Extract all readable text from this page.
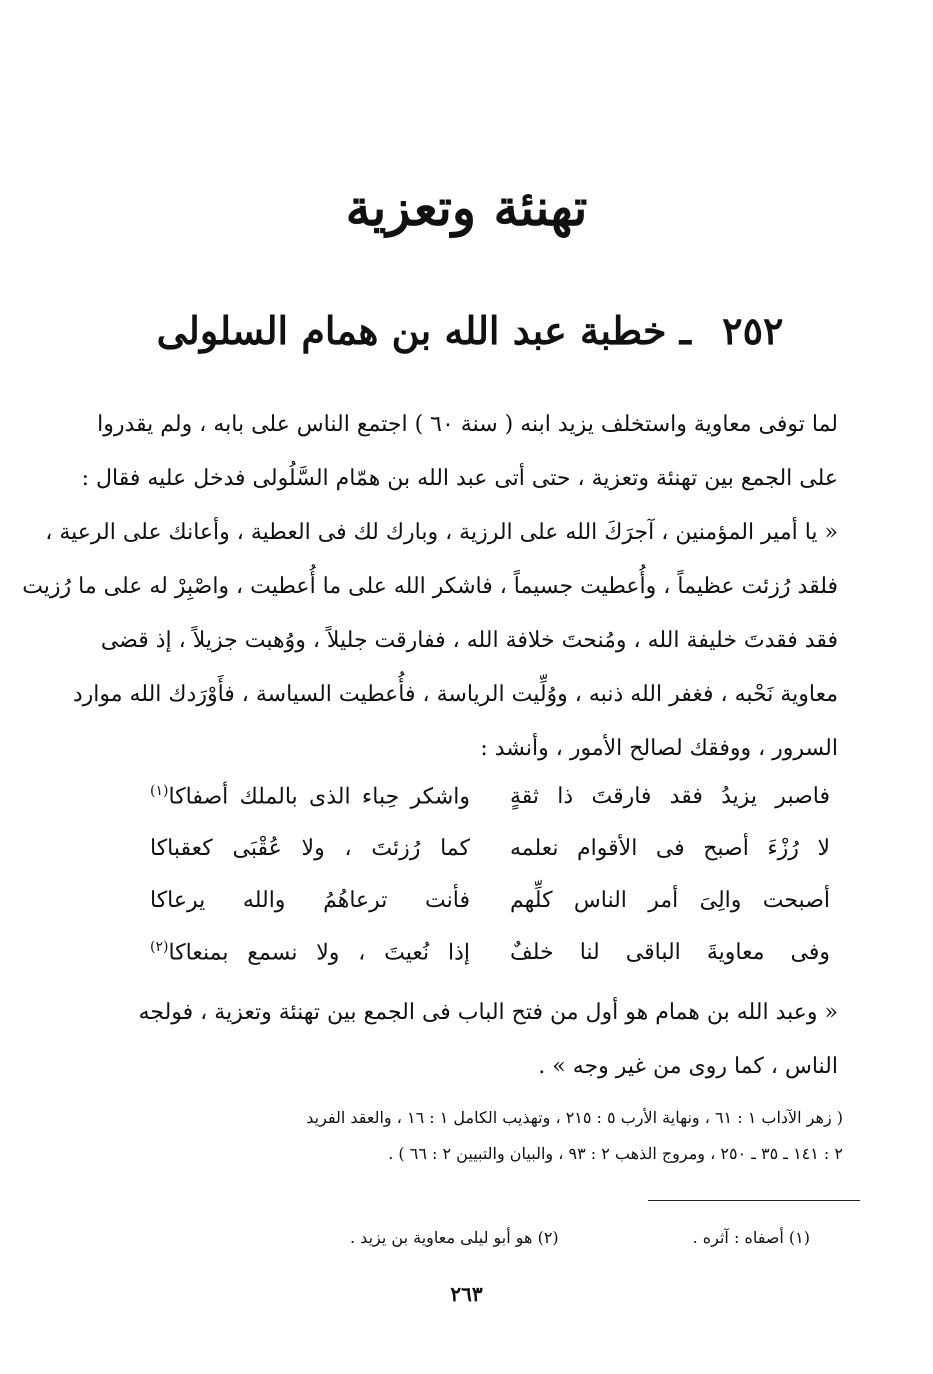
تهنئة وتعزية
٢٥٢ ـ خطبة عبد الله بن همام السلولى
لما توفى معاوية واستخلف يزيد ابنه ( سنة ٦٠ ) اجتمع الناس على بابه ، ولم يقدروا
على الجمع بين تهنئة وتعزية ، حتى أتى عبد الله بن همّام السَّلُولى فدخل عليه فقال :
« يا أمير المؤمنين ، آجرَكَ الله على الرزية ، وبارك لك فى العطية ، وأعانك على الرعية ،
فلقد رُزئت عظيماً ، وأُعطيت جسيماً ، فاشكر الله على ما أُعطيت ، واصْبِرْ له على ما رُزيت
فقد فقدتَ خليفة الله ، ومُنحتَ خلافة الله ، ففارقت جليلاً ، ووُهبت جزيلاً ، إذ قضى
معاوية نَحْبه ، فغفر الله ذنبه ، ووُلِّيت الرياسة ، فأُعطيت السياسة ، فأَوْرَدك الله موارد
السرور ، ووفقك لصالح الأمور ، وأنشد :
فاصبر يزيدُ فقد فارقتَ ذا ثقةٍ
واشكر حِباء الذى بالملك أصفاكا$^{(١)}$
لا رُزْءَ أصبح فى الأقوام نعلمه
كما رُزئتَ ، ولا عُقْبَى كعقباكا
أصبحت والِىَ أمر الناس كلِّهم
فأنت ترعاهُمُ والله يرعاكا
وفى معاويةَ الباقى لنا خلفٌ
إذا نُعيتَ ، ولا نسمع بمنعاكا$^{(٢)}$
« وعبد الله بن همام هو أول من فتح الباب فى الجمع بين تهنئة وتعزية ، فولجه
الناس ، كما روى من غير وجه » .
( زهر الآداب ١ : ٦١ ، ونهاية الأرب ٥ : ٢١٥ ، وتهذيب الكامل ١ : ١٦ ، والعقد الفريد
٢ : ١٤١ ـ ٣٥ ـ ٢٥٠ ، ومروج الذهب ٢ : ٩٣ ، والبيان والتبيين ٢ : ٦٦ ) .
(١) أصفاه : آثره .
(٢) هو أبو ليلى معاوية بن يزيد .
٢٦٣
